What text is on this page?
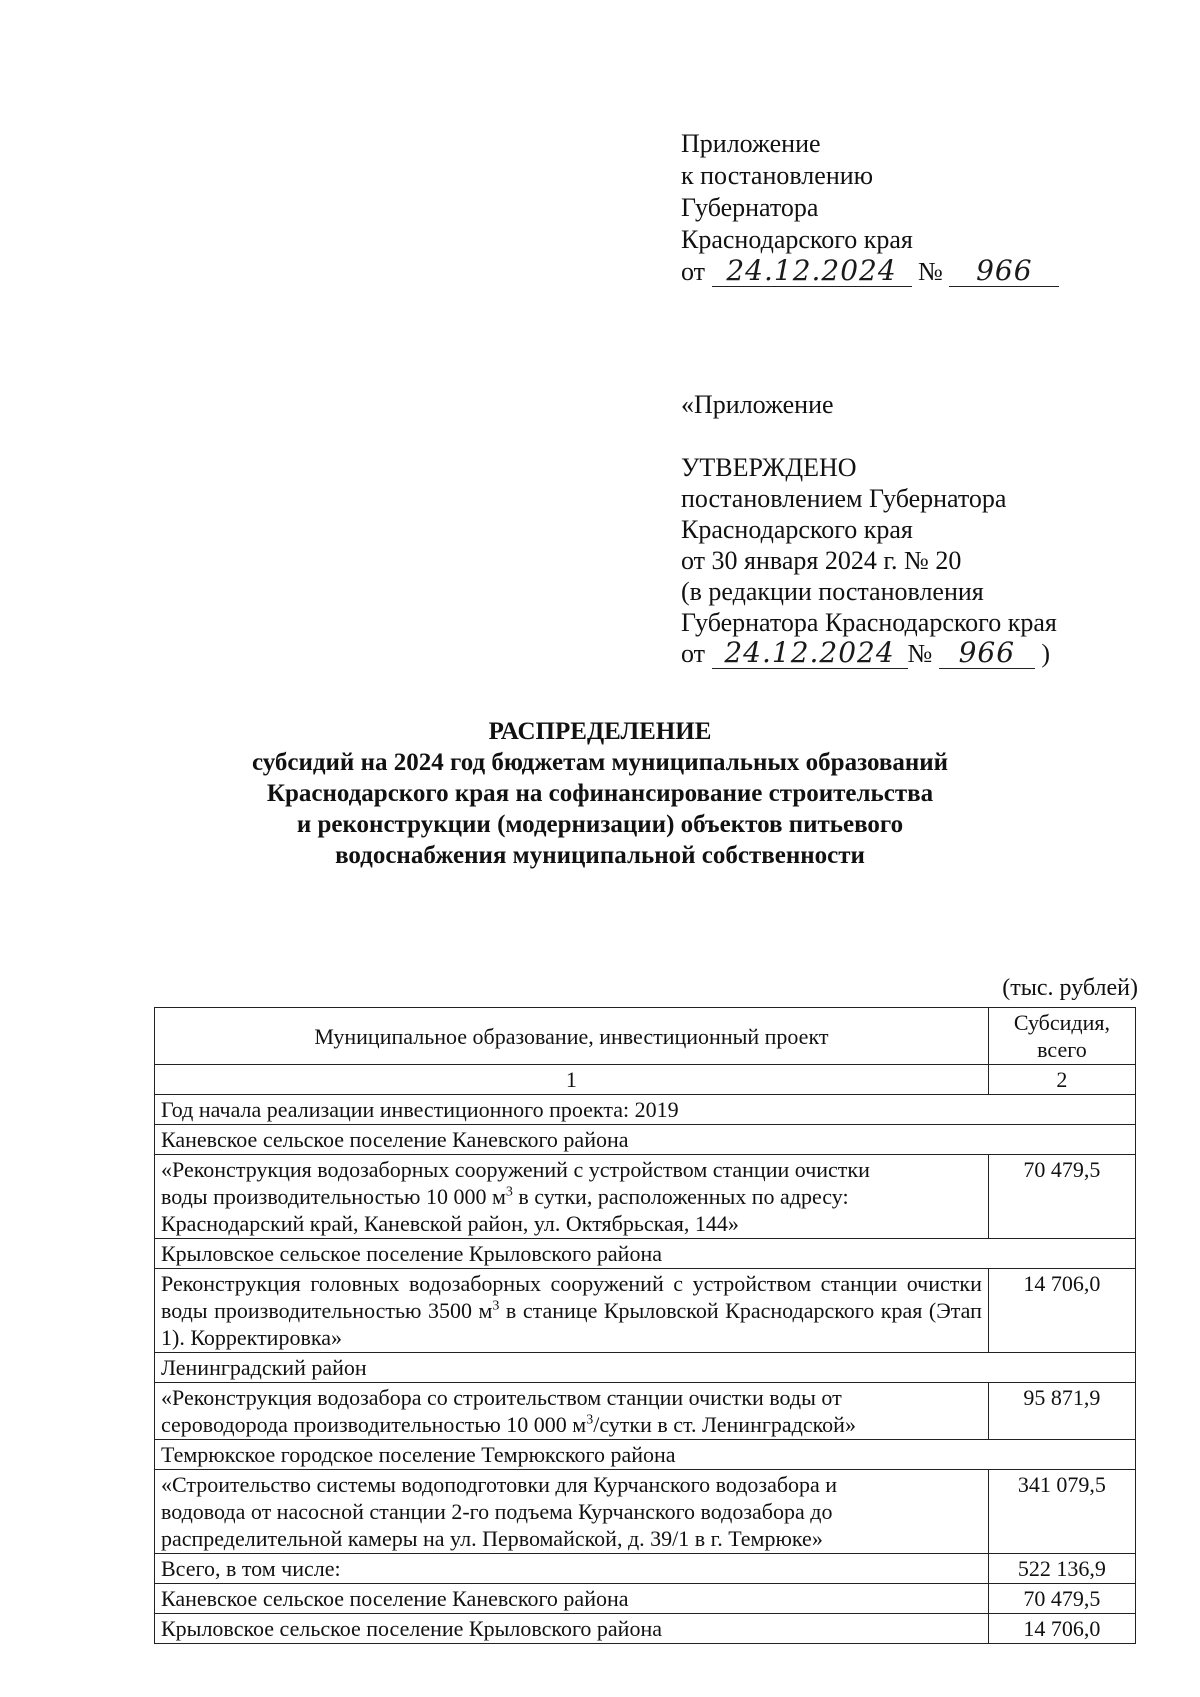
Приложение
к постановлению
Губернатора
Краснодарского края
от 24.12.2024 № 966
«Приложение
УТВЕРЖДЕНО
постановлением Губернатора
Краснодарского края
от 30 января 2024 г. № 20
(в редакции постановления
Губернатора Краснодарского края
от 24.12.2024 № 966 )
РАСПРЕДЕЛЕНИЕ
субсидий на 2024 год бюджетам муниципальных образований
Краснодарского края на софинансирование строительства
и реконструкции (модернизации) объектов питьевого
водоснабжения муниципальной собственности
(тыс. рублей)
Муниципальное образование, инвестиционный проект	Субсидия,
всего
1	2
Год начала реализации инвестиционного проекта: 2019	
Каневское сельское поселение Каневского района	
«Реконструкция водозаборных сооружений с устройством станции очистки
воды производительностью 10 000 $м^3$ в сутки, расположенных по адресу:
Краснодарский край, Каневской район, ул. Октябрьская, 144»	70 479,5
Крыловское сельское поселение Крыловского района	
Реконструкция головных водозаборных сооружений с устройством станции очистки воды производительностью 3500 $м^3$ в станице Крыловской Краснодарского края (Этап 1). Корректировка»	14 706,0
Ленинградский район	
«Реконструкция водозабора со строительством станции очистки воды от
сероводорода производительностью 10 000 $м^3$/сутки в ст. Ленинградской»	95 871,9
Темрюкское городское поселение Темрюкского района	
«Строительство системы водоподготовки для Курчанского водозабора и
водовода от насосной станции 2-го подъема Курчанского водозабора до
распределительной камеры на ул. Первомайской, д. 39/1 в г. Темрюке»	341 079,5
Всего, в том числе:	522 136,9
Каневское сельское поселение Каневского района	70 479,5
Крыловское сельское поселение Крыловского района	14 706,0
